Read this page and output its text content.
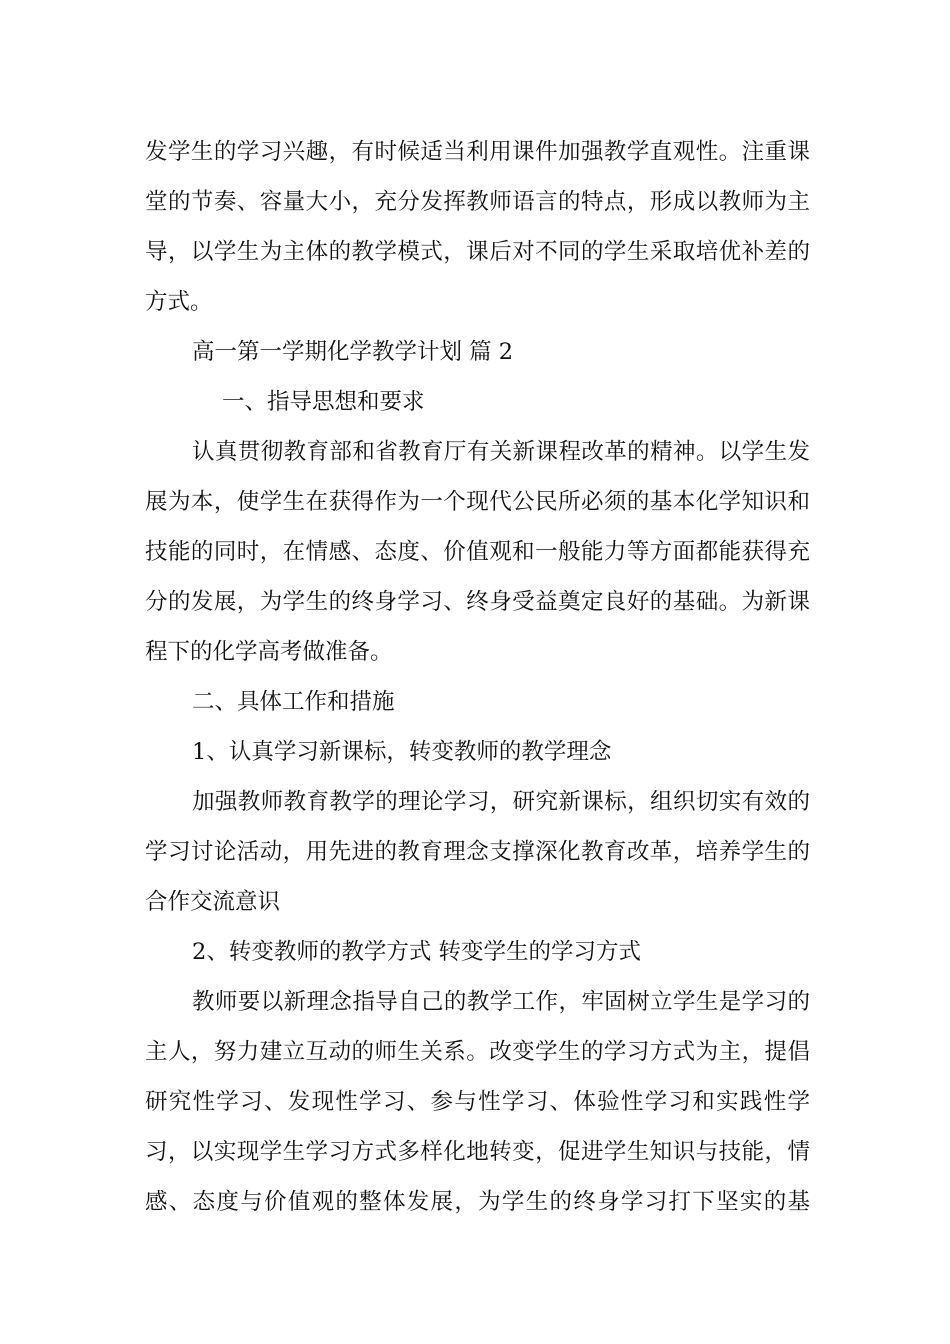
发学生的学习兴趣，有时候适当利用课件加强教学直观性。注重课
堂的节奏、容量大小，充分发挥教师语言的特点，形成以教师为主
导，以学生为主体的教学模式，课后对不同的学生采取培优补差的
方式。
高一第一学期化学教学计划 篇 2
一、指导思想和要求
认真贯彻教育部和省教育厅有关新课程改革的精神。以学生发
展为本，使学生在获得作为一个现代公民所必须的基本化学知识和
技能的同时，在情感、态度、价值观和一般能力等方面都能获得充
分的发展，为学生的终身学习、终身受益奠定良好的基础。为新课
程下的化学高考做准备。
二、具体工作和措施
1、认真学习新课标，转变教师的教学理念
加强教师教育教学的理论学习，研究新课标，组织切实有效的
学习讨论活动，用先进的教育理念支撑深化教育改革，培养学生的
合作交流意识
2、转变教师的教学方式 转变学生的学习方式
教师要以新理念指导自己的教学工作，牢固树立学生是学习的
主人，努力建立互动的师生关系。改变学生的学习方式为主，提倡
研究性学习、发现性学习、参与性学习、体验性学习和实践性学
习，以实现学生学习方式多样化地转变，促进学生知识与技能，情
感、态度与价值观的整体发展，为学生的终身学习打下坚实的基
